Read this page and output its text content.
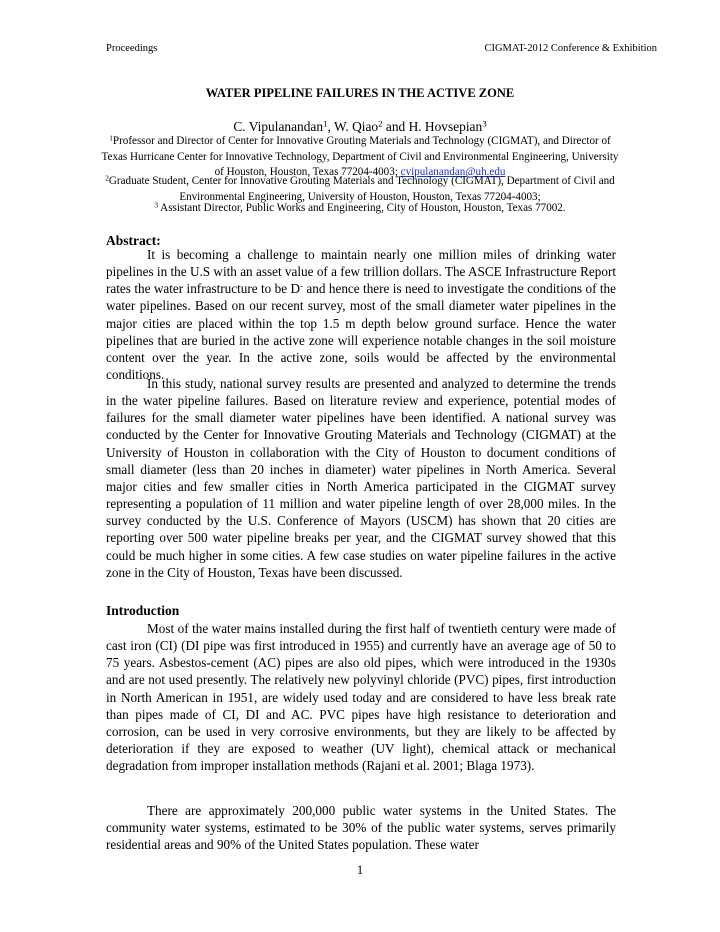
Proceedings	CIGMAT-2012 Conference & Exhibition
WATER PIPELINE FAILURES IN THE ACTIVE ZONE
C. Vipulanandan$^1$, W. Qiao$^2$ and H. Hovsepian$^3$
$^1$Professor and Director of Center for Innovative Grouting Materials and Technology (CIGMAT), and Director of Texas Hurricane Center for Innovative Technology, Department of Civil and Environmental Engineering, University of Houston, Houston, Texas 77204-4003; cvipulanandan@uh.edu
$^2$Graduate Student, Center for Innovative Grouting Materials and Technology (CIGMAT), Department of Civil and Environmental Engineering, University of Houston, Houston, Texas 77204-4003;
$^3$ Assistant Director, Public Works and Engineering, City of Houston, Houston, Texas 77002.
Abstract:

It is becoming a challenge to maintain nearly one million miles of drinking water pipelines in the U.S with an asset value of a few trillion dollars. The ASCE Infrastructure Report rates the water infrastructure to be D- and hence there is need to investigate the conditions of the water pipelines. Based on our recent survey, most of the small diameter water pipelines in the major cities are placed within the top 1.5 m depth below ground surface. Hence the water pipelines that are buried in the active zone will experience notable changes in the soil moisture content over the year. In the active zone, soils would be affected by the environmental conditions.

In this study, national survey results are presented and analyzed to determine the trends in the water pipeline failures. Based on literature review and experience, potential modes of failures for the small diameter water pipelines have been identified. A national survey was conducted by the Center for Innovative Grouting Materials and Technology (CIGMAT) at the University of Houston in collaboration with the City of Houston to document conditions of small diameter (less than 20 inches in diameter) water pipelines in North America. Several major cities and few smaller cities in North America participated in the CIGMAT survey representing a population of 11 million and water pipeline length of over 28,000 miles. In the survey conducted by the U.S. Conference of Mayors (USCM) has shown that 20 cities are reporting over 500 water pipeline breaks per year, and the CIGMAT survey showed that this could be much higher in some cities. A few case studies on water pipeline failures in the active zone in the City of Houston, Texas have been discussed.

Introduction

Most of the water mains installed during the first half of twentieth century were made of cast iron (CI) (DI pipe was first introduced in 1955) and currently have an average age of 50 to 75 years. Asbestos-cement (AC) pipes are also old pipes, which were introduced in the 1930s and are not used presently. The relatively new polyvinyl chloride (PVC) pipes, first introduction in North American in 1951, are widely used today and are considered to have less break rate than pipes made of CI, DI and AC. PVC pipes have high resistance to deterioration and corrosion, can be used in very corrosive environments, but they are likely to be affected by deterioration if they are exposed to weather (UV light), chemical attack or mechanical degradation from improper installation methods (Rajani et al. 2001; Blaga 1973).

There are approximately 200,000 public water systems in the United States. The community water systems, estimated to be 30% of the public water systems, serves primarily residential areas and 90% of the United States population. These water

1
